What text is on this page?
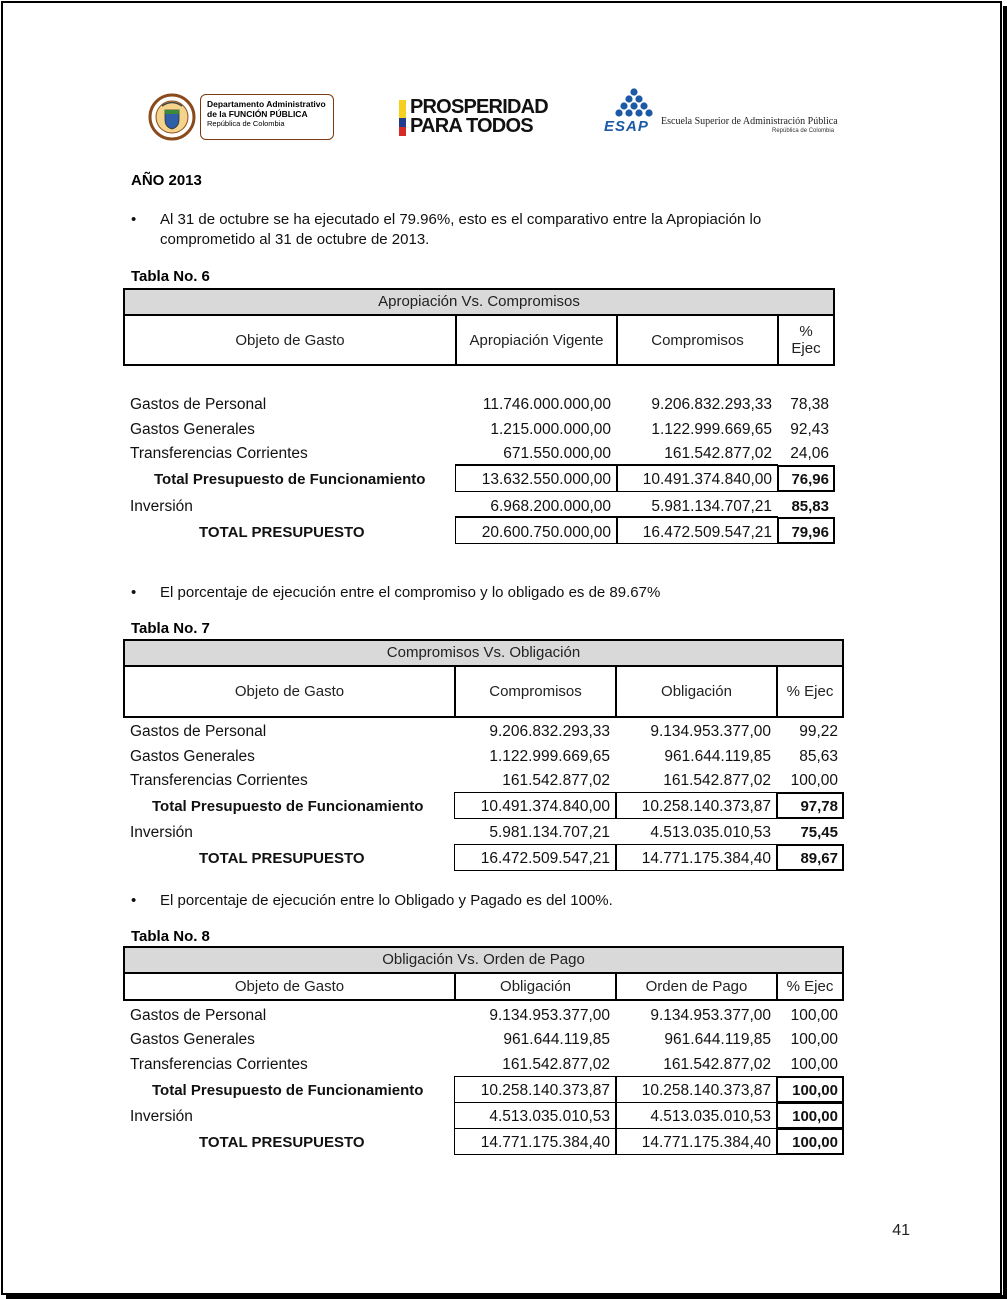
Departamento Administrativo
de la FUNCIÓN PÚBLICA
República de Colombia
PROSPERIDAD
PARA TODOS	ESAP Escuela Superior de Administración Pública
República de Colombia
AÑO 2013
• Al 31 de octubre se ha ejecutado el 79.96%, esto es el comparativo entre la Apropiación lo comprometido al 31 de octubre de 2013.
Tabla No. 6
Apropiación Vs. Compromisos
Objeto de Gasto	Apropiación Vigente	Compromisos	% Ejec
Gastos de Personal	11.746.000.000,00	9.206.832.293,33	78,38
Gastos Generales	1.215.000.000,00	1.122.999.669,65	92,43
Transferencias Corrientes	671.550.000,00	161.542.877,02	24,06
Total Presupuesto de Funcionamiento	13.632.550.000,00	10.491.374.840,00	76,96
Inversión	6.968.200.000,00	5.981.134.707,21	85,83
TOTAL PRESUPUESTO	20.600.750.000,00	16.472.509.547,21	79,96
• El porcentaje de ejecución entre el compromiso y lo obligado es de 89.67%
Tabla No. 7
Compromisos Vs. Obligación
Objeto de Gasto	Compromisos	Obligación	% Ejec
Gastos de Personal	9.206.832.293,33	9.134.953.377,00	99,22
Gastos Generales	1.122.999.669,65	961.644.119,85	85,63
Transferencias Corrientes	161.542.877,02	161.542.877,02	100,00
Total Presupuesto de Funcionamiento	10.491.374.840,00	10.258.140.373,87	97,78
Inversión	5.981.134.707,21	4.513.035.010,53	75,45
TOTAL PRESUPUESTO	16.472.509.547,21	14.771.175.384,40	89,67
• El porcentaje de ejecución entre lo Obligado y Pagado es del 100%.
Tabla No. 8
Obligación Vs. Orden de Pago
Objeto de Gasto	Obligación	Orden de Pago	% Ejec
Gastos de Personal	9.134.953.377,00	9.134.953.377,00	100,00
Gastos Generales	961.644.119,85	961.644.119,85	100,00
Transferencias Corrientes	161.542.877,02	161.542.877,02	100,00
Total Presupuesto de Funcionamiento	10.258.140.373,87	10.258.140.373,87	100,00
Inversión	4.513.035.010,53	4.513.035.010,53	100,00
TOTAL PRESUPUESTO	14.771.175.384,40	14.771.175.384,40	100,00
41
